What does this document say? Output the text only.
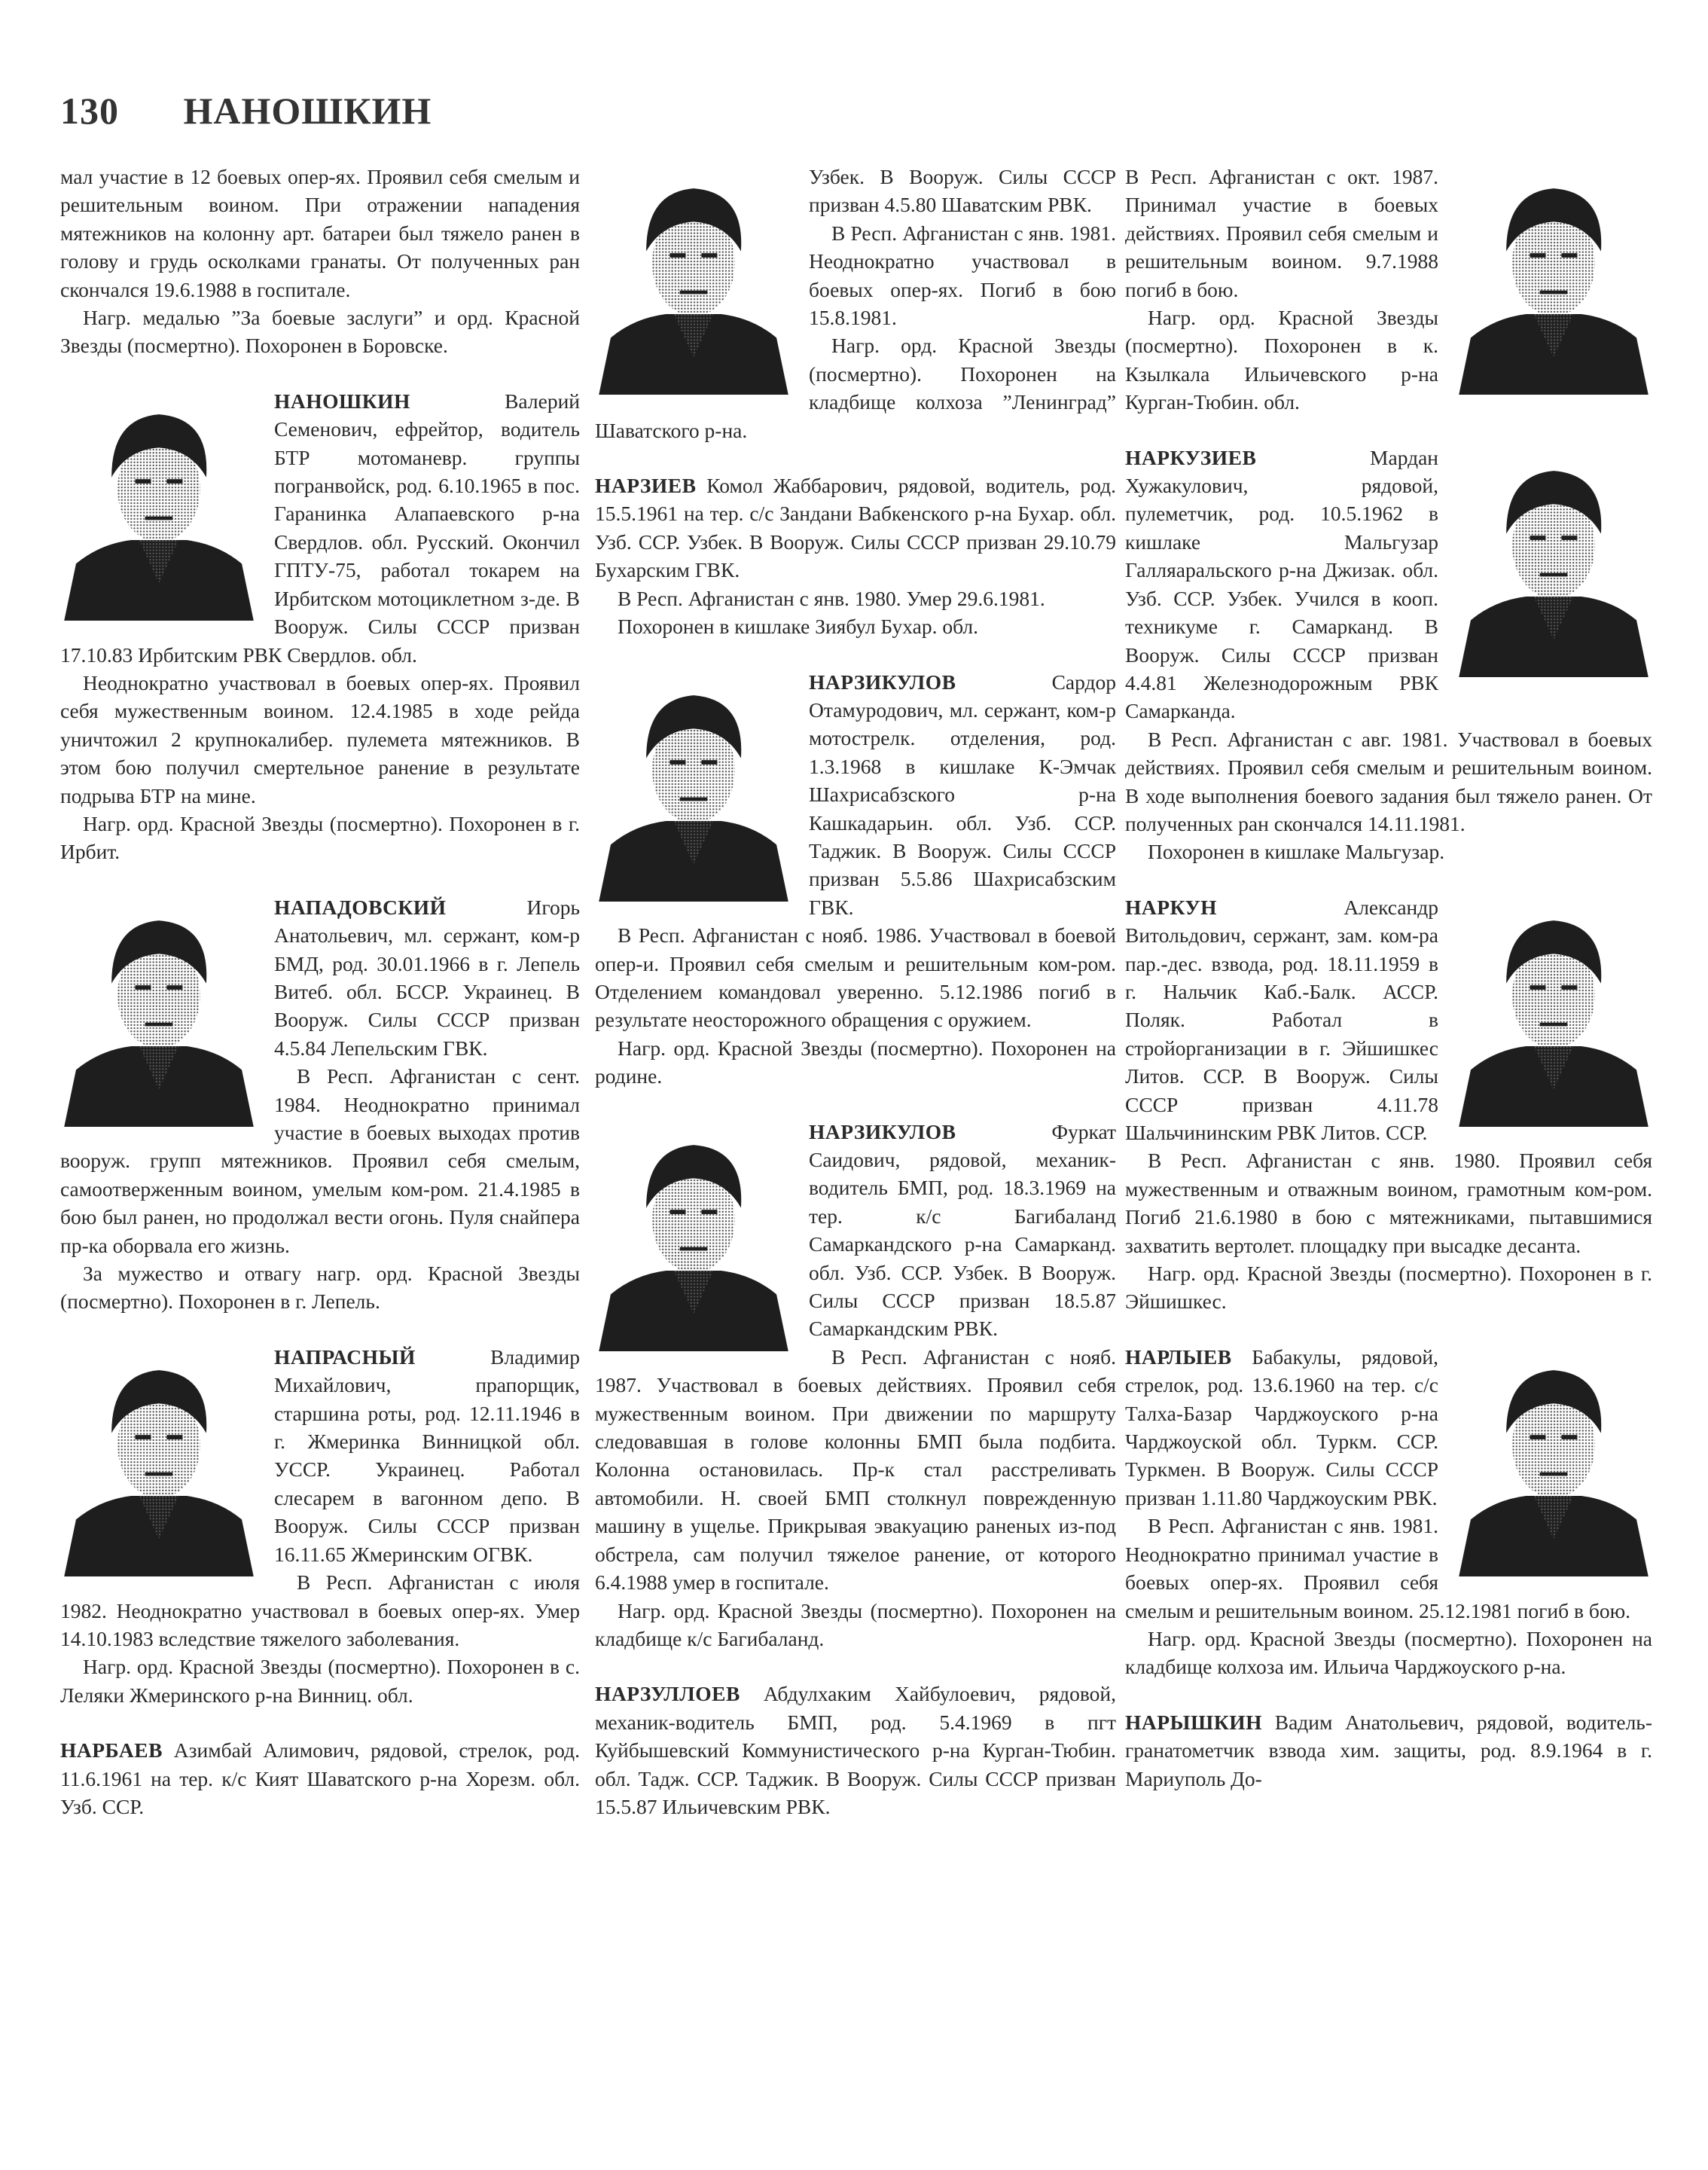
130 НАНОШКИН

мал участие в 12 боевых опер-ях. Проявил себя смелым и решительным воином. При отражении нападения мятежников на колонну арт. батареи был тяжело ранен в голову и грудь осколками гранаты. От полученных ран скончался 19.6.1988 в госпитале.

Нагр. медалью ”За боевые заслуги” и орд. Красной Звезды (посмертно). Похоронен в Боровске.

НАНОШКИН Валерий Семенович, ефрейтор, водитель БТР мотоманевр. группы погранвойск, род. 6.10.1965 в пос. Гаранинка Алапаевского р-на Свердлов. обл. Русский. Окончил ГПТУ-75, работал токарем на Ирбитском мотоциклетном з-де. В Вооруж. Силы СССР призван 17.10.83 Ирбитским РВК Свердлов. обл.

Неоднократно участвовал в боевых опер-ях. Проявил себя мужественным воином. 12.4.1985 в ходе рейда уничтожил 2 крупнокалибер. пулемета мятежников. В этом бою получил смертельное ранение в результате подрыва БТР на мине.

Нагр. орд. Красной Звезды (посмертно). Похоронен в г. Ирбит.

НАПАДОВСКИЙ Игорь Анатольевич, мл. сержант, ком-р БМД, род. 30.01.1966 в г. Лепель Витеб. обл. БССР. Украинец. В Вооруж. Силы СССР призван 4.5.84 Лепельским ГВК.

В Респ. Афганистан с сент. 1984. Неоднократно принимал участие в боевых выходах против вооруж. групп мятежников. Проявил себя смелым, самоотверженным воином, умелым ком-ром. 21.4.1985 в бою был ранен, но продолжал вести огонь. Пуля снайпера пр-ка оборвала его жизнь.

За мужество и отвагу нагр. орд. Красной Звезды (посмертно). Похоронен в г. Лепель.

НАПРАСНЫЙ Владимир Михайлович, прапорщик, старшина роты, род. 12.11.1946 в г. Жмеринка Винницкой обл. УССР. Украинец. Работал слесарем в вагонном депо. В Вооруж. Силы СССР призван 16.11.65 Жмеринским ОГВК.

В Респ. Афганистан с июля 1982. Неоднократно участвовал в боевых опер-ях. Умер 14.10.1983 вследствие тяжелого заболевания.

Нагр. орд. Красной Звезды (посмертно). Похоронен в с. Леляки Жмеринского р-на Винниц. обл.

НАРБАЕВ Азимбай Алимович, рядовой, стрелок, род. 11.6.1961 на тер. к/с Кият Шаватского р-на Хорезм. обл. Узб. ССР.

Узбек. В Вооруж. Силы СССР призван 4.5.80 Шаватским РВК.

В Респ. Афганистан с янв. 1981. Неоднократно участвовал в боевых опер-ях. Погиб в бою 15.8.1981.

Нагр. орд. Красной Звезды (посмертно). Похоронен на кладбище колхоза ”Ленинград” Шаватского р-на.

НАРЗИЕВ Комол Жаббарович, рядовой, водитель, род. 15.5.1961 на тер. с/с Зандани Вабкенского р-на Бухар. обл. Узб. ССР. Узбек. В Вооруж. Силы СССР призван 29.10.79 Бухарским ГВК.

В Респ. Афганистан с янв. 1980. Умер 29.6.1981.

Похоронен в кишлаке Зиябул Бухар. обл.

НАРЗИКУЛОВ Сардор Отамуродович, мл. сержант, ком-р мотострелк. отделения, род. 1.3.1968 в кишлаке К-Эмчак Шахрисабзского р-на Кашкадарьин. обл. Узб. ССР. Таджик. В Вооруж. Силы СССР призван 5.5.86 Шахрисабзским ГВК.

В Респ. Афганистан с нояб. 1986. Участвовал в боевой опер-и. Проявил себя смелым и решительным ком-ром. Отделением командовал уверенно. 5.12.1986 погиб в результате неосторожного обращения с оружием.

Нагр. орд. Красной Звезды (посмертно). Похоронен на родине.

НАРЗИКУЛОВ Фуркат Саидович, рядовой, механик-водитель БМП, род. 18.3.1969 на тер. к/с Багибаланд Самаркандского р-на Самарканд. обл. Узб. ССР. Узбек. В Вооруж. Силы СССР призван 18.5.87 Самаркандским РВК.

В Респ. Афганистан с нояб. 1987. Участвовал в боевых действиях. Проявил себя мужественным воином. При движении по маршруту следовавшая в голове колонны БМП была подбита. Колонна остановилась. Пр-к стал расстреливать автомобили. Н. своей БМП столкнул поврежденную машину в ущелье. Прикрывая эвакуацию раненых из-под обстрела, сам получил тяжелое ранение, от которого 6.4.1988 умер в госпитале.

Нагр. орд. Красной Звезды (посмертно). Похоронен на кладбище к/с Багибаланд.

НАРЗУЛЛОЕВ Абдулхаким Хайбулоевич, рядовой, механик-водитель БМП, род. 5.4.1969 в пгт Куйбышевский Коммунистического р-на Курган-Тюбин. обл. Тадж. ССР. Таджик. В Вооруж. Силы СССР призван 15.5.87 Ильичевским РВК.

В Респ. Афганистан с окт. 1987. Принимал участие в боевых действиях. Проявил себя смелым и решительным воином. 9.7.1988 погиб в бою.

Нагр. орд. Красной Звезды (посмертно). Похоронен в к. Кзылкала Ильичевского р-на Курган-Тюбин. обл.

НАРКУЗИЕВ Мардан Хужакулович, рядовой, пулеметчик, род. 10.5.1962 в кишлаке Мальгузар Галляаральского р-на Джизак. обл. Узб. ССР. Узбек. Учился в кооп. техникуме г. Самарканд. В Вооруж. Силы СССР призван 4.4.81 Железнодорожным РВК Самарканда.

В Респ. Афганистан с авг. 1981. Участвовал в боевых действиях. Проявил себя смелым и решительным воином. В ходе выполнения боевого задания был тяжело ранен. От полученных ран скончался 14.11.1981.

Похоронен в кишлаке Мальгузар.

НАРКУН Александр Витольдович, сержант, зам. ком-ра пар.-дес. взвода, род. 18.11.1959 в г. Нальчик Каб.-Балк. АССР. Поляк. Работал в стройорганизации в г. Эйшишкес Литов. ССР. В Вооруж. Силы СССР призван 4.11.78 Шальчининским РВК Литов. ССР.

В Респ. Афганистан с янв. 1980. Проявил себя мужественным и отважным воином, грамотным ком-ром. Погиб 21.6.1980 в бою с мятежниками, пытавшимися захватить вертолет. площадку при высадке десанта.

Нагр. орд. Красной Звезды (посмертно). Похоронен в г. Эйшишкес.

НАРЛЫЕВ Бабакулы, рядовой, стрелок, род. 13.6.1960 на тер. с/с Талха-Базар Чарджоуского р-на Чарджоуской обл. Туркм. ССР. Туркмен. В Вооруж. Силы СССР призван 1.11.80 Чарджоуским РВК.

В Респ. Афганистан с янв. 1981. Неоднократно принимал участие в боевых опер-ях. Проявил себя смелым и решительным воином. 25.12.1981 погиб в бою.

Нагр. орд. Красной Звезды (посмертно). Похоронен на кладбище колхоза им. Ильича Чарджоуского р-на.

НАРЫШКИН Вадим Анатольевич, рядовой, водитель-гранатометчик взвода хим. защиты, род. 8.9.1964 в г. Мариуполь До-
